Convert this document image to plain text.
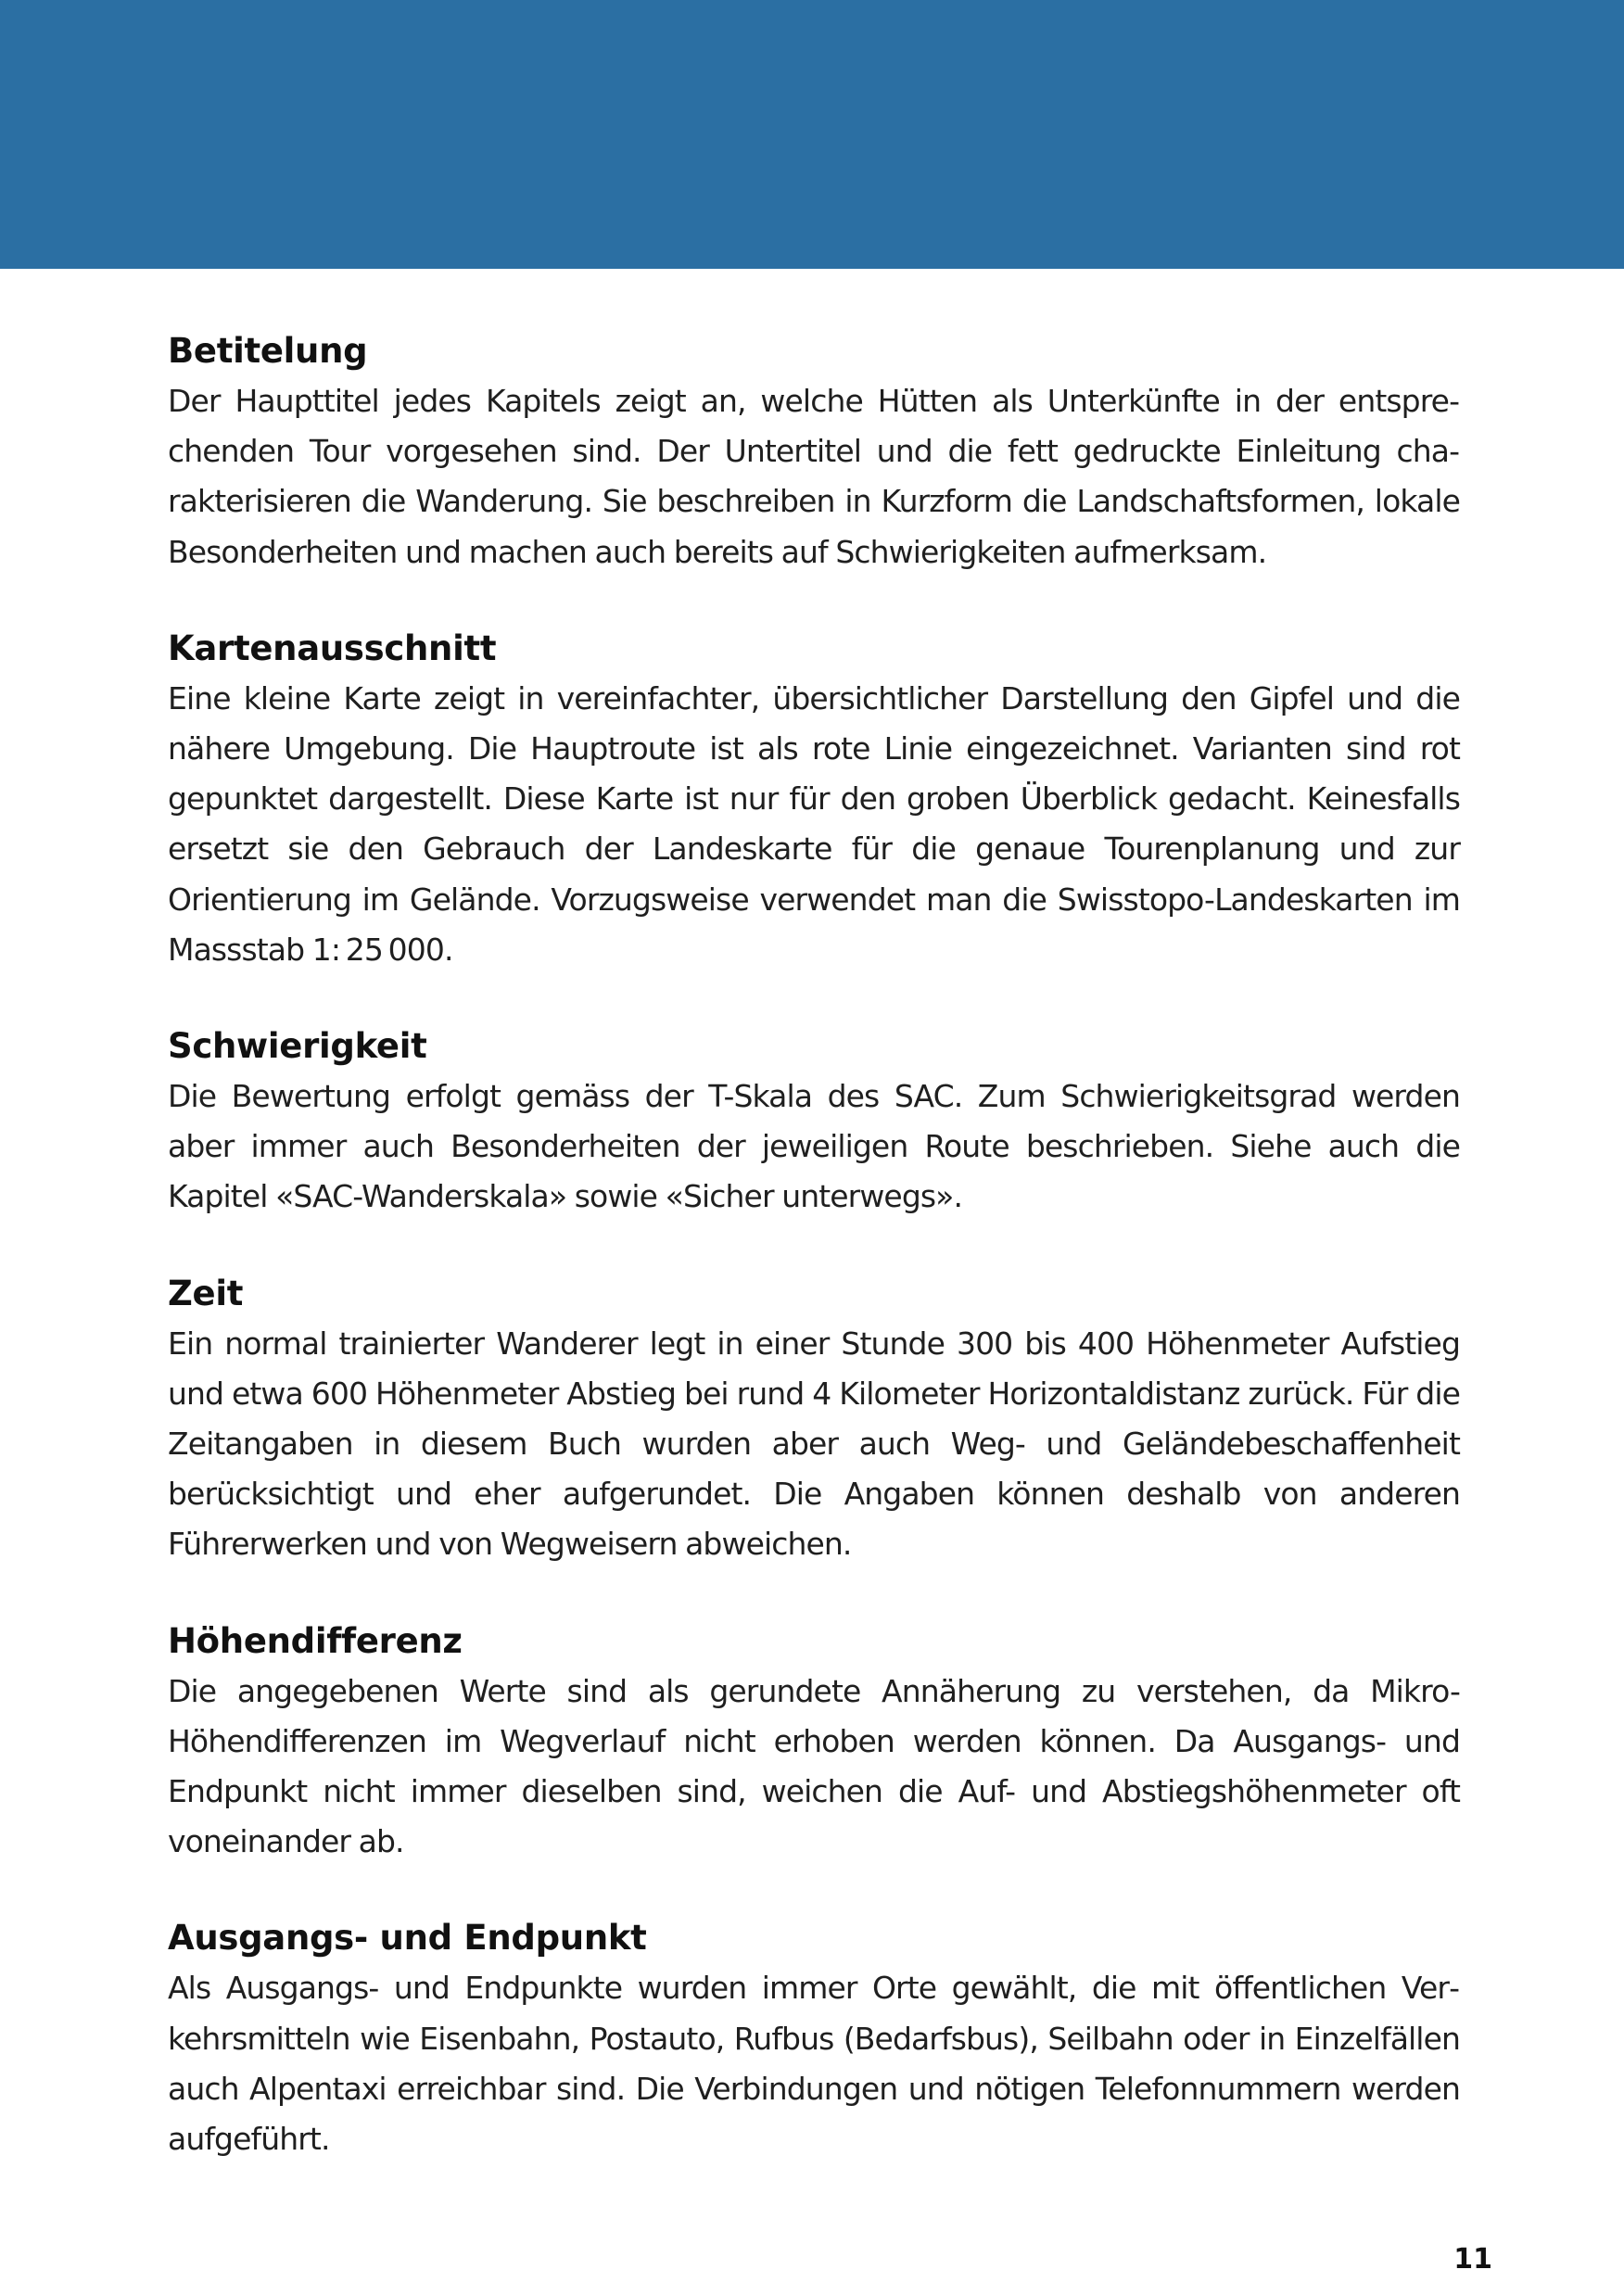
Betitelung

Der Haupttitel jedes Kapitels zeigt an, welche Hütten als Unterkünfte in der entsprechenden Tour vorgesehen sind. Der Untertitel und die fett gedruckte Einleitung charakterisieren die Wanderung. Sie beschreiben in Kurzform die Landschaftsformen, lokale Besonderheiten und machen auch bereits auf Schwierigkeiten aufmerksam.

Kartenausschnitt

Eine kleine Karte zeigt in vereinfachter, übersichtlicher Darstellung den Gipfel und die nähere Umgebung. Die Hauptroute ist als rote Linie eingezeichnet. Varianten sind rot gepunktet dargestellt. Diese Karte ist nur für den groben Überblick gedacht. Keinesfalls ersetzt sie den Gebrauch der Landeskarte für die genaue Tourenplanung und zur Orientierung im Gelände. Vorzugsweise verwendet man die Swisstopo-Landeskarten im Massstab 1: 25 000.

Schwierigkeit

Die Bewertung erfolgt gemäss der T-Skala des SAC. Zum Schwierigkeitsgrad werden aber immer auch Besonderheiten der jeweiligen Route beschrieben. Siehe auch die Kapitel «SAC-Wanderskala» sowie «Sicher unterwegs».

Zeit

Ein normal trainierter Wanderer legt in einer Stunde 300 bis 400 Höhenmeter Aufstieg und etwa 600 Höhenmeter Abstieg bei rund 4 Kilometer Horizontaldistanz zurück. Für die Zeitangaben in diesem Buch wurden aber auch Weg- und Geländebeschaffenheit berücksichtigt und eher aufgerundet. Die Angaben können deshalb von anderen Führerwerken und von Wegweisern abweichen.

Höhendifferenz

Die angegebenen Werte sind als gerundete Annäherung zu verstehen, da Mikro-Höhendifferenzen im Wegverlauf nicht erhoben werden können. Da Ausgangs- und Endpunkt nicht immer dieselben sind, weichen die Auf- und Abstiegshöhenmeter oft voneinander ab.

Ausgangs- und Endpunkt

Als Ausgangs- und Endpunkte wurden immer Orte gewählt, die mit öffentlichen Verkehrsmitteln wie Eisenbahn, Postauto, Rufbus (Bedarfsbus), Seilbahn oder in Einzelfällen auch Alpentaxi erreichbar sind. Die Verbindungen und nötigen Telefonnummern werden aufgeführt.

11
